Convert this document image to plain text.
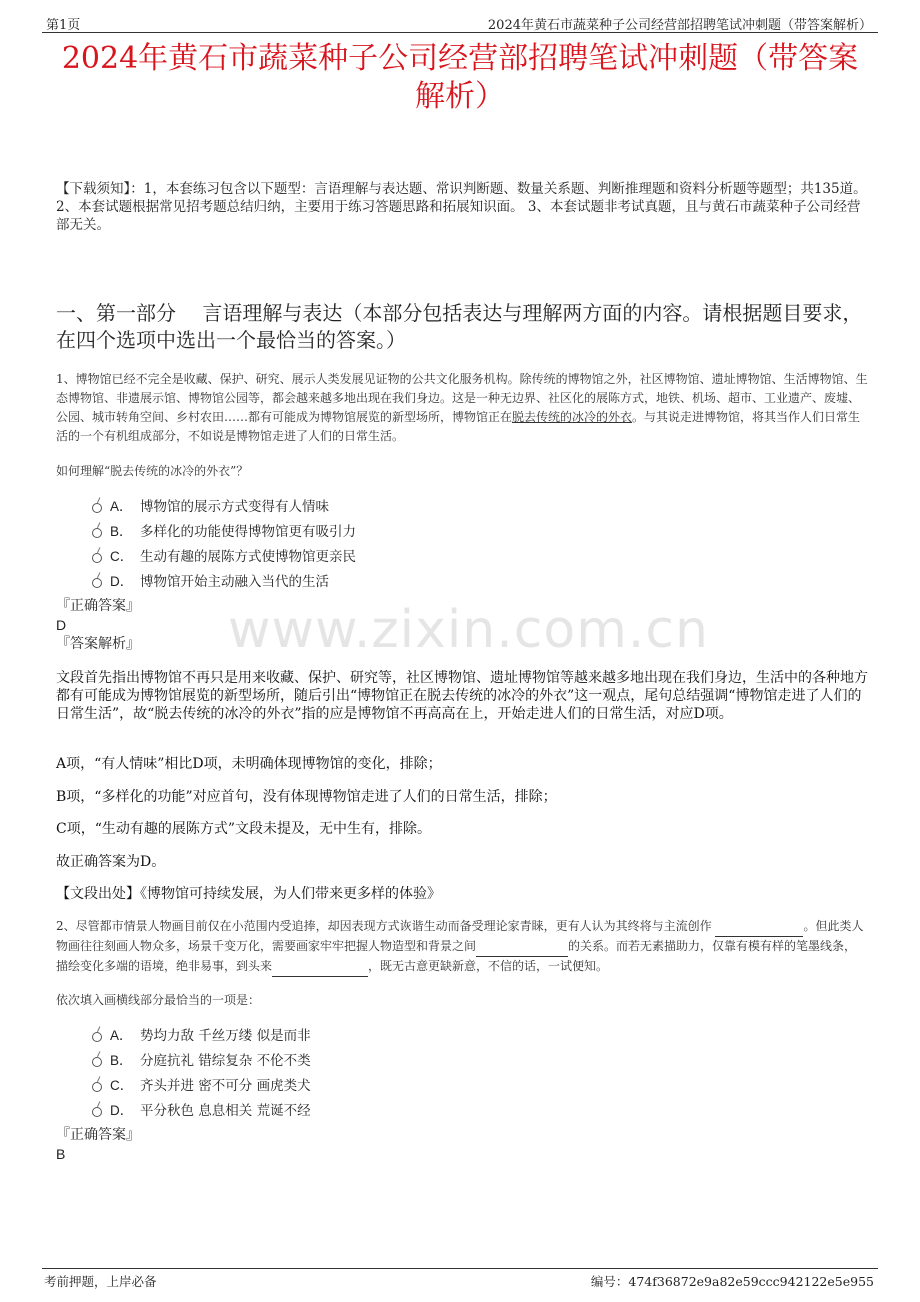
第1页	2024年黄石市蔬菜种子公司经营部招聘笔试冲刺题（带答案解析）
2024年黄石市蔬菜种子公司经营部招聘笔试冲刺题（带答案解析）
【下载须知】：1，本套练习包含以下题型：言语理解与表达题、常识判断题、数量关系题、判断推理题和资料分析题等题型；共135道。 2、本套试题根据常见招考题总结归纳，主要用于练习答题思路和拓展知识面。 3、本套试题非考试真题，且与黄石市蔬菜种子公司经营部无关。
一、第一部分　 言语理解与表达（本部分包括表达与理解两方面的内容。请根据题目要求，在四个选项中选出一个最恰当的答案。）
1、博物馆已经不完全是收藏、保护、研究、展示人类发展见证物的公共文化服务机构。除传统的博物馆之外，社区博物馆、遗址博物馆、生活博物馆、生态博物馆、非遗展示馆、博物馆公园等，都会越来越多地出现在我们身边。这是一种无边界、社区化的展陈方式，地铁、机场、超市、工业遗产、废墟、公园、城市转角空间、乡村农田……都有可能成为博物馆展览的新型场所，博物馆正在脱去传统的冰冷的外衣。与其说走进博物馆，将其当作人们日常生活的一个有机组成部分，不如说是博物馆走进了人们的日常生活。
如何理解“脱去传统的冰冷的外衣”？
A． 博物馆的展示方式变得有人情味
B． 多样化的功能使得博物馆更有吸引力
C． 生动有趣的展陈方式使博物馆更亲民
D． 博物馆开始主动融入当代的生活
『正确答案』
D
『答案解析』
文段首先指出博物馆不再只是用来收藏、保护、研究等，社区博物馆、遗址博物馆等越来越多地出现在我们身边，生活中的各种地方都有可能成为博物馆展览的新型场所，随后引出“博物馆正在脱去传统的冰冷的外衣”这一观点，尾句总结强调“博物馆走进了人们的日常生活”，故“脱去传统的冰冷的外衣”指的应是博物馆不再高高在上，开始走进人们的日常生活，对应D项。
A项，“有人情味”相比D项，未明确体现博物馆的变化，排除；
B项，“多样化的功能”对应首句，没有体现博物馆走进了人们的日常生活，排除；
C项，“生动有趣的展陈方式”文段未提及，无中生有，排除。
故正确答案为D。
【文段出处】《博物馆可持续发展，为人们带来更多样的体验》
www.zixin.com.cn
2、尽管都市情景人物画目前仅在小范围内受追捧，却因表现方式诙谐生动而备受理论家青睐，更有人认为其终将与主流创作	。但此类人物画往往刻画人物众多，场景千变万化，需要画家牢牢把握人物造型和背景之间	的关系。而若无素描助力，仅靠有模有样的笔墨线条，描绘变化多端的语境，绝非易事，到头来	，既无古意更缺新意，不信的话，一试便知。
依次填入画横线部分最恰当的一项是：
A． 势均力敌 千丝万缕 似是而非
B． 分庭抗礼 错综复杂 不伦不类
C． 齐头并进 密不可分 画虎类犬
D． 平分秋色 息息相关 荒诞不经
『正确答案』
B
考前押题，上岸必备	编号：474f36872e9a82e59ccc942122e5e955
